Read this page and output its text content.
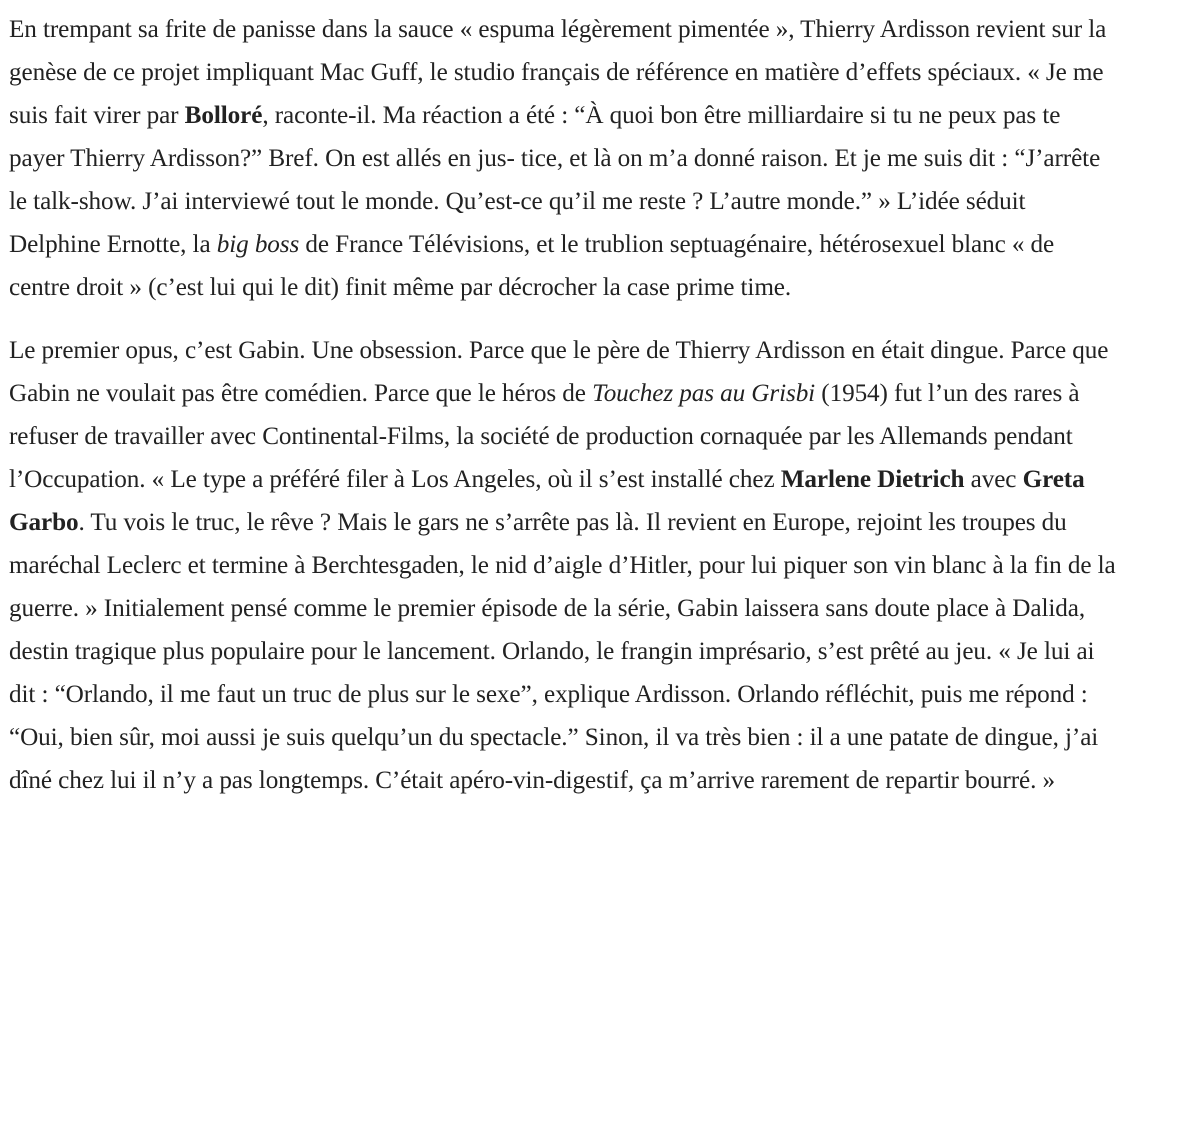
En trempant sa frite de panisse dans la sauce « espuma légèrement pimentée », Thierry Ardisson revient sur la genèse de ce projet impliquant Mac Guff, le studio français de référence en matière d’effets spéciaux. « Je me suis fait virer par Bolloré, raconte-il. Ma réaction a été : “À quoi bon être milliardaire si tu ne peux pas te payer Thierry Ardisson?” Bref. On est allés en jus- tice, et là on m’a donné raison. Et je me suis dit : “J’arrête le talk-show. J’ai interviewé tout le monde. Qu’est-ce qu’il me reste ? L’autre monde.” » L’idée séduit Delphine Ernotte, la big boss de France Télévisions, et le trublion septuagénaire, hétérosexuel blanc « de centre droit » (c’est lui qui le dit) finit même par décrocher la case prime time.

Le premier opus, c’est Gabin. Une obsession. Parce que le père de Thierry Ardisson en était dingue. Parce que Gabin ne voulait pas être comédien. Parce que le héros de Touchez pas au Grisbi (1954) fut l’un des rares à refuser de travailler avec Continental-Films, la société de production cornaquée par les Allemands pendant l’Occupation. « Le type a préféré filer à Los Angeles, où il s’est installé chez Marlene Dietrich avec Greta Garbo. Tu vois le truc, le rêve ? Mais le gars ne s’arrête pas là. Il revient en Europe, rejoint les troupes du maréchal Leclerc et termine à Berchtesgaden, le nid d’aigle d’Hitler, pour lui piquer son vin blanc à la fin de la guerre. » Initialement pensé comme le premier épisode de la série, Gabin laissera sans doute place à Dalida, destin tragique plus populaire pour le lancement. Orlando, le frangin imprésario, s’est prêté au jeu. « Je lui ai dit : “Orlando, il me faut un truc de plus sur le sexe”, explique Ardisson. Orlando réfléchit, puis me répond : “Oui, bien sûr, moi aussi je suis quelqu’un du spectacle.” Sinon, il va très bien : il a une patate de dingue, j’ai dîné chez lui il n’y a pas longtemps. C’était apéro-vin-digestif, ça m’arrive rarement de repartir bourré. »
